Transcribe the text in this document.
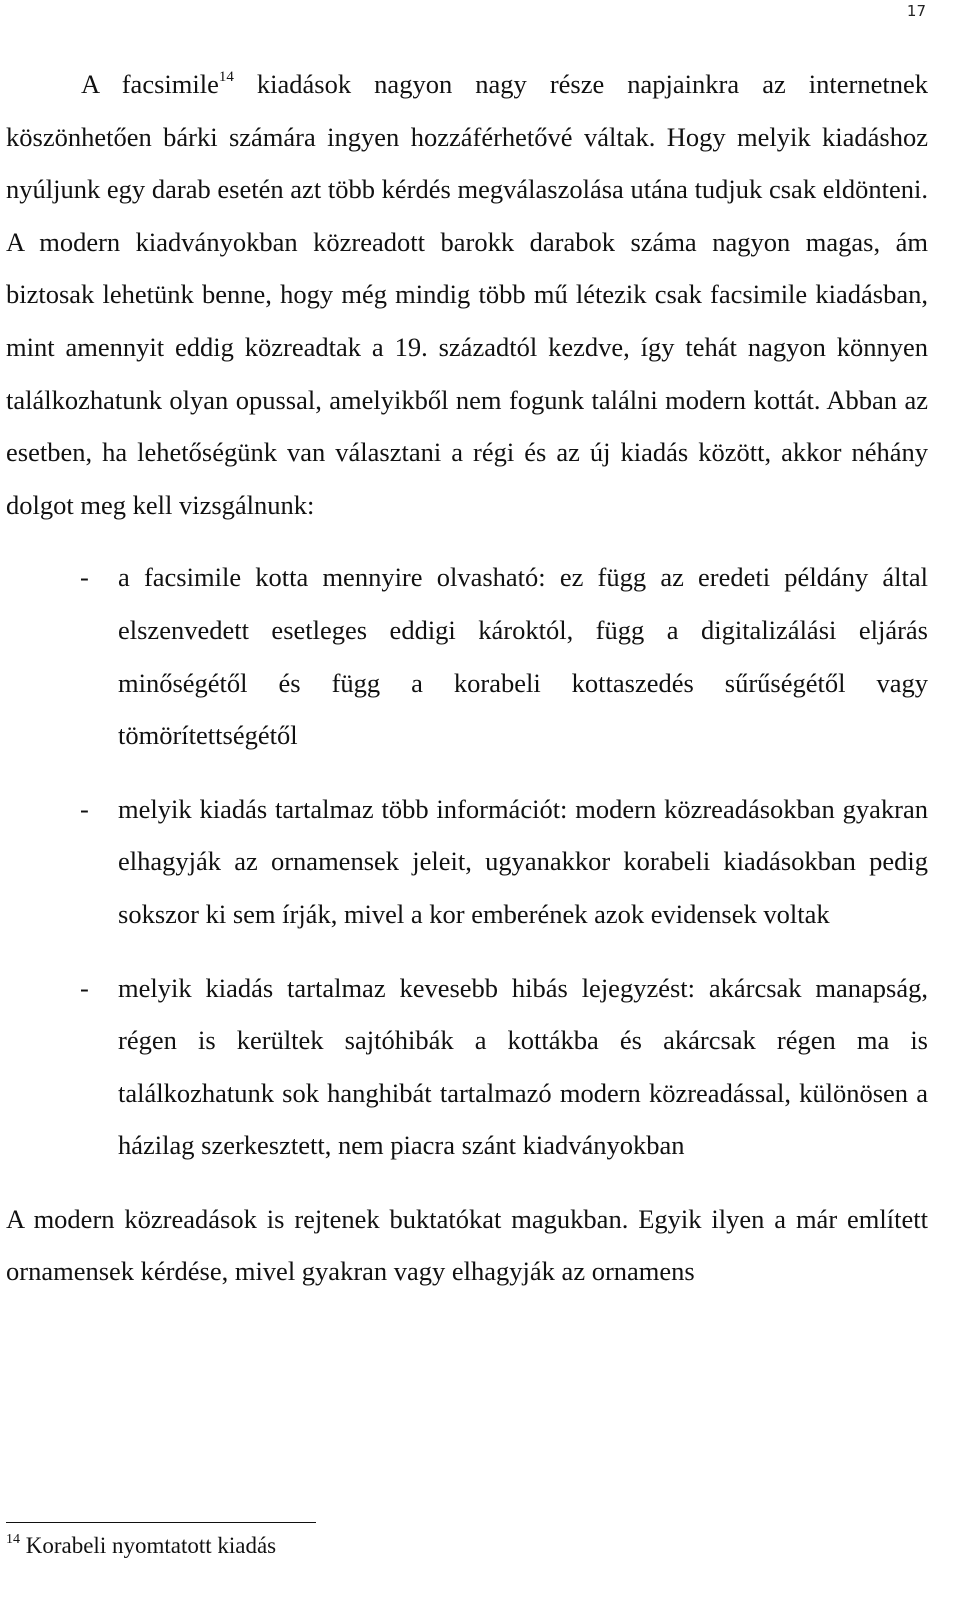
17

A facsimile$^{14}$ kiadások nagyon nagy része napjainkra az internetnek köszönhetően bárki számára ingyen hozzáférhetővé váltak. Hogy melyik kiadáshoz nyúljunk egy darab esetén azt több kérdés megválaszolása utána tudjuk csak eldönteni. A modern kiadványokban közreadott barokk darabok száma nagyon magas, ám biztosak lehetünk benne, hogy még mindig több mű létezik csak facsimile kiadásban, mint amennyit eddig közreadtak a 19. századtól kezdve, így tehát nagyon könnyen találkozhatunk olyan opussal, amelyikből nem fogunk találni modern kottát. Abban az esetben, ha lehetőségünk van választani a régi és az új kiadás között, akkor néhány dolgot meg kell vizsgálnunk:

- a facsimile kotta mennyire olvasható: ez függ az eredeti példány által elszenvedett esetleges eddigi károktól, függ a digitalizálási eljárás minőségétől és függ a korabeli kottaszedés sűrűségétől vagy tömörítettségétől
- melyik kiadás tartalmaz több információt: modern közreadásokban gyakran elhagyják az ornamensek jeleit, ugyanakkor korabeli kiadásokban pedig sokszor ki sem írják, mivel a kor emberének azok evidensek voltak
- melyik kiadás tartalmaz kevesebb hibás lejegyzést: akárcsak manapság, régen is kerültek sajtóhibák a kottákba és akárcsak régen ma is találkozhatunk sok hanghibát tartalmazó modern közreadással, különösen a házilag szerkesztett, nem piacra szánt kiadványokban

A modern közreadások is rejtenek buktatókat magukban. Egyik ilyen a már említett ornamensek kérdése, mivel gyakran vagy elhagyják az ornamens

$^{14}$ Korabeli nyomtatott kiadás
